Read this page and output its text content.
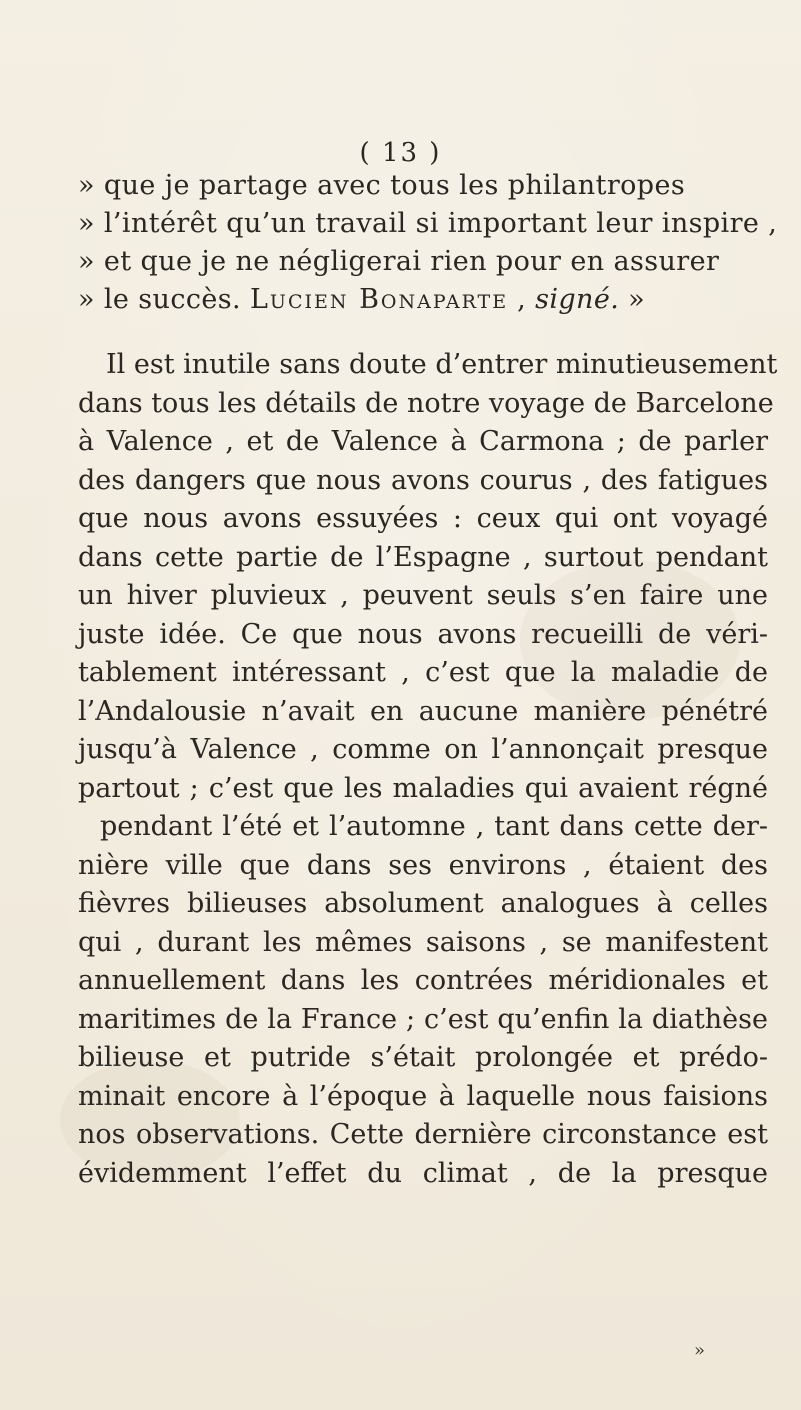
( 13 )
» que je partage avec tous les philantropes
» l’intérêt qu’un travail si important leur inspire ,
» et que je ne négligerai rien pour en assurer
» le succès. Lucien Bonaparte , signé. »
Il est inutile sans doute d’entrer minutieusement
dans tous les détails de notre voyage de Barcelone
à Valence , et de Valence à Carmona ; de parler
des dangers que nous avons courus , des fatigues
que nous avons essuyées : ceux qui ont voyagé
dans cette partie de l’Espagne , surtout pendant
un hiver pluvieux , peuvent seuls s’en faire une
juste idée. Ce que nous avons recueilli de véri-
tablement intéressant , c’est que la maladie de
l’Andalousie n’avait en aucune manière pénétré
jusqu’à Valence , comme on l’annonçait presque
partout ; c’est que les maladies qui avaient régné
pendant l’été et l’automne , tant dans cette der-
nière ville que dans ses environs , étaient des
fièvres bilieuses absolument analogues à celles
qui , durant les mêmes saisons , se manifestent
annuellement dans les contrées méridionales et
maritimes de la France ; c’est qu’enfin la diathèse
bilieuse et putride s’était prolongée et prédo-
minait encore à l’époque à laquelle nous faisions
nos observations. Cette dernière circonstance est
évidemment l’effet du climat , de la presque
»
